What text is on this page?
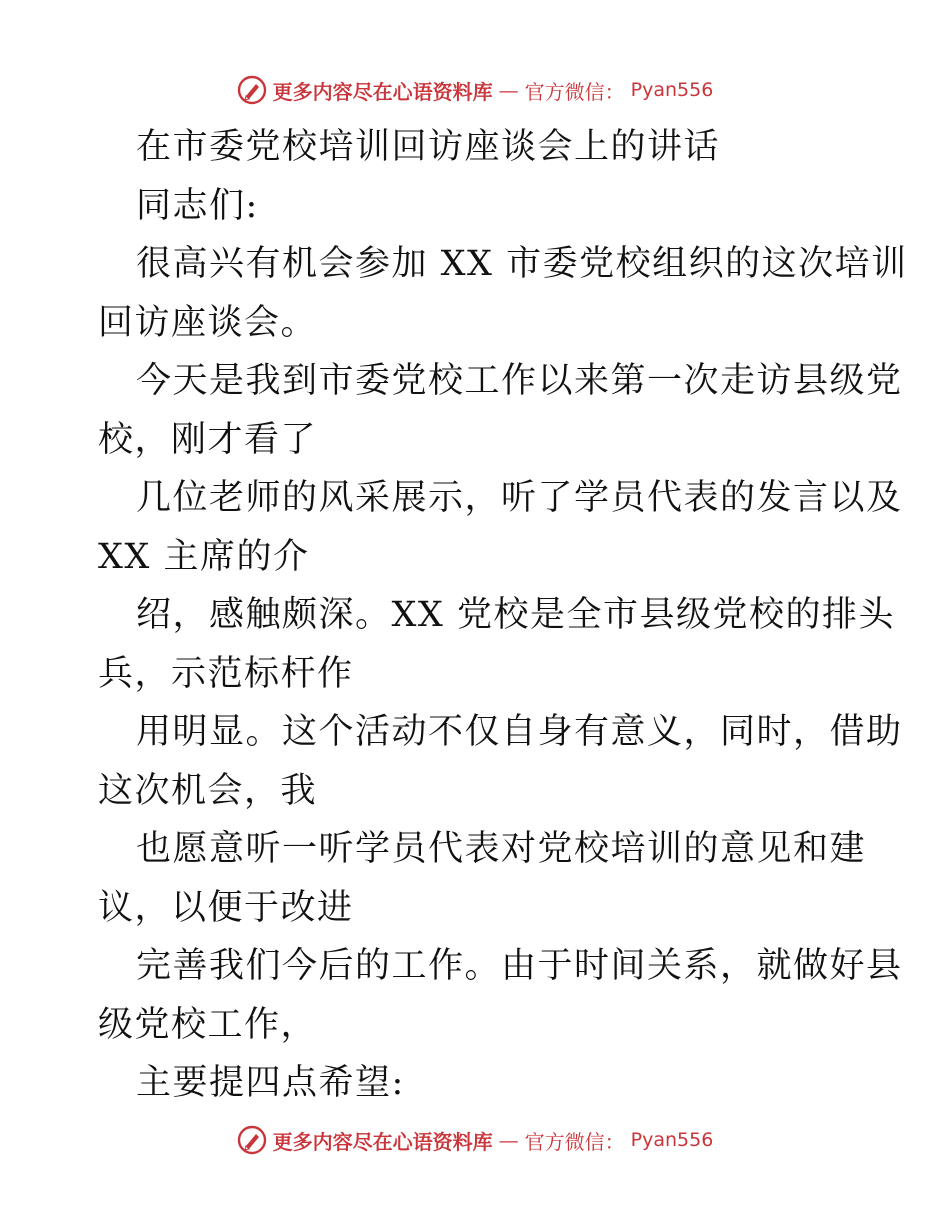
更多内容尽在心语资料库 — 官方微信： Pyan556
在市委党校培训回访座谈会上的讲话
同志们:
很高兴有机会参加 XX 市委党校组织的这次培训
回访座谈会。
今天是我到市委党校工作以来第一次走访县级党
校，刚才看了
几位老师的风采展示，听了学员代表的发言以及
XX 主席的介
绍，感触颇深。XX 党校是全市县级党校的排头
兵，示范标杆作
用明显。这个活动不仅自身有意义，同时，借助
这次机会，我
也愿意听一听学员代表对党校培训的意见和建
议，以便于改进
完善我们今后的工作。由于时间关系，就做好县
级党校工作，
主要提四点希望:
更多内容尽在心语资料库 — 官方微信： Pyan556
